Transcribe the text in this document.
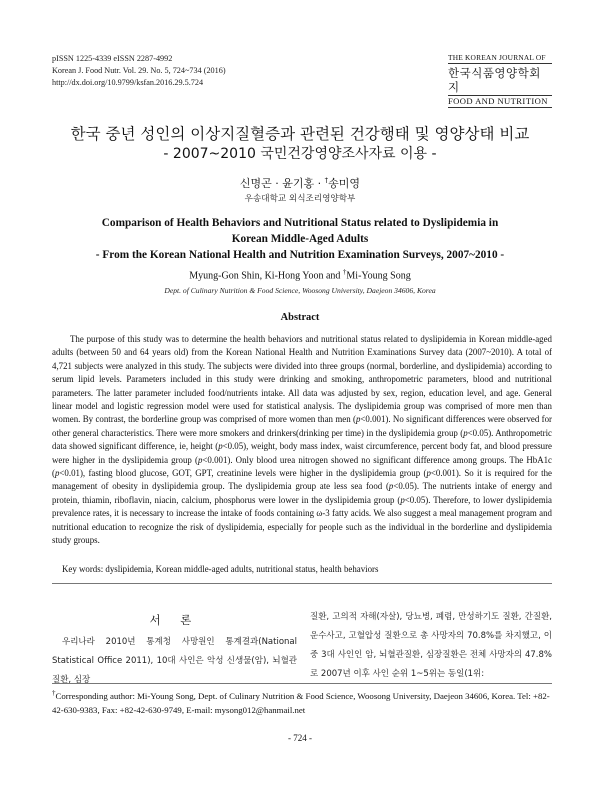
pISSN 1225-4339 eISSN 2287-4992
Korean J. Food Nutr. Vol. 29. No. 5, 724~734 (2016)
http://dx.doi.org/10.9799/ksfan.2016.29.5.724
THE KOREAN JOURNAL OF
한국식품영양학회지
FOOD AND NUTRITION
한국 중년 성인의 이상지질혈증과 관련된 건강행태 및 영양상태 비교
- 2007~2010 국민건강영양조사자료 이용 -
신명곤 · 윤기홍 · †송미영
우송대학교 외식조리영양학부
Comparison of Health Behaviors and Nutritional Status related to Dyslipidemia in
Korean Middle-Aged Adults
- From the Korean National Health and Nutrition Examination Surveys, 2007~2010 -
Myung-Gon Shin, Ki-Hong Yoon and †Mi-Young Song
Dept. of Culinary Nutrition & Food Science, Woosong University, Daejeon 34606, Korea
Abstract
The purpose of this study was to determine the health behaviors and nutritional status related to dyslipidemia in Korean middle-aged adults (between 50 and 64 years old) from the Korean National Health and Nutrition Examinations Survey data (2007~2010). A total of 4,721 subjects were analyzed in this study. The subjects were divided into three groups (normal, borderline, and dyslipidemia) according to serum lipid levels. Parameters included in this study were drinking and smoking, anthropometric parameters, blood and nutritional parameters. The latter parameter included food/nutrients intake. All data was adjusted by sex, region, education level, and age. General linear model and logistic regression model were used for statistical analysis. The dyslipidemia group was comprised of more men than women. By contrast, the borderline group was comprised of more women than men (p<0.001). No significant differences were observed for other general characteristics. There were more smokers and drinkers(drinking per time) in the dyslipidemia group (p<0.05). Anthropometric data showed significant difference, ie, height (p<0.05), weight, body mass index, waist circumference, percent body fat, and blood pressure were higher in the dyslipidemia group (p<0.001). Only blood urea nitrogen showed no significant difference among groups. The HbA1c (p<0.01), fasting blood glucose, GOT, GPT, creatinine levels were higher in the dyslipidemia group (p<0.001). So it is required for the management of obesity in dyslipidemia group. The dyslipidemia group ate less sea food (p<0.05). The nutrients intake of energy and protein, thiamin, riboflavin, niacin, calcium, phosphorus were lower in the dyslipidemia group (p<0.05). Therefore, to lower dyslipidemia prevalence rates, it is necessary to increase the intake of foods containing ω-3 fatty acids. We also suggest a meal management program and nutritional education to recognize the risk of dyslipidemia, especially for people such as the individual in the borderline and dyslipidemia study groups.
Key words: dyslipidemia, Korean middle-aged adults, nutritional status, health behaviors
서 론

우리나라 2010년 통계청 사망원인 통계결과(National Statistical Office 2011), 10대 사인은 악성 신생물(암), 뇌혈관질환, 심장

질환, 고의적 자해(자살), 당뇨병, 폐렴, 만성하기도 질환, 간질환, 운수사고, 고혈압성 질환으로 총 사망자의 70.8%를 차지했고, 이 중 3대 사인인 암, 뇌혈관질환, 심장질환은 전체 사망자의 47.8%로 2007년 이후 사인 순위 1~5위는 동일(1위:

†Corresponding author: Mi-Young Song, Dept. of Culinary Nutrition & Food Science, Woosong University, Daejeon 34606, Korea. Tel: +82-42-630-9383, Fax: +82-42-630-9749, E-mail: mysong012@hanmail.net
- 724 -
